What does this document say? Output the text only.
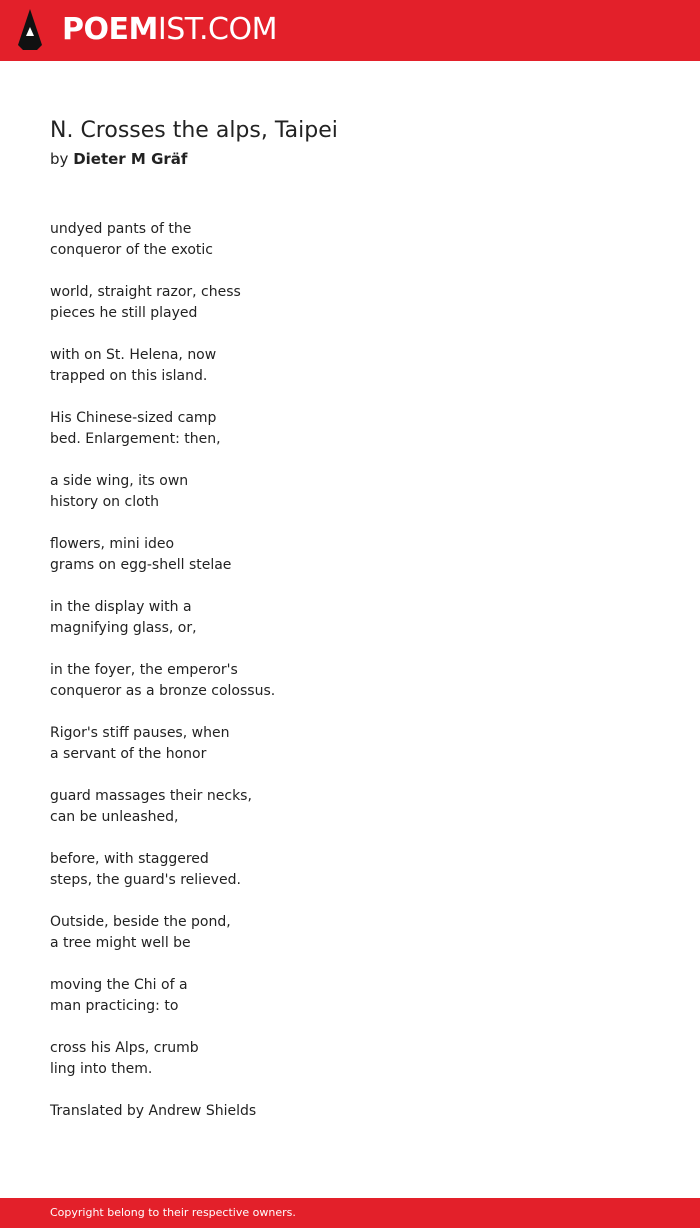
POEMIST.COM
N. Crosses the alps, Taipei
by Dieter M Gräf
undyed pants of the
conqueror of the exotic
world, straight razor, chess
pieces he still played
with on St. Helena, now
trapped on this island.
His Chinese-sized camp
bed. Enlargement: then,
a side wing, its own
history on cloth
flowers, mini ideo
grams on egg-shell stelae
in the display with a
magnifying glass, or,
in the foyer, the emperor's
conqueror as a bronze colossus.
Rigor's stiff pauses, when
a servant of the honor
guard massages their necks,
can be unleashed,
before, with staggered
steps, the guard's relieved.
Outside, beside the pond,
a tree might well be
moving the Chi of a
man practicing: to
cross his Alps, crumb
ling into them.
Translated by Andrew Shields
Copyright belong to their respective owners.
